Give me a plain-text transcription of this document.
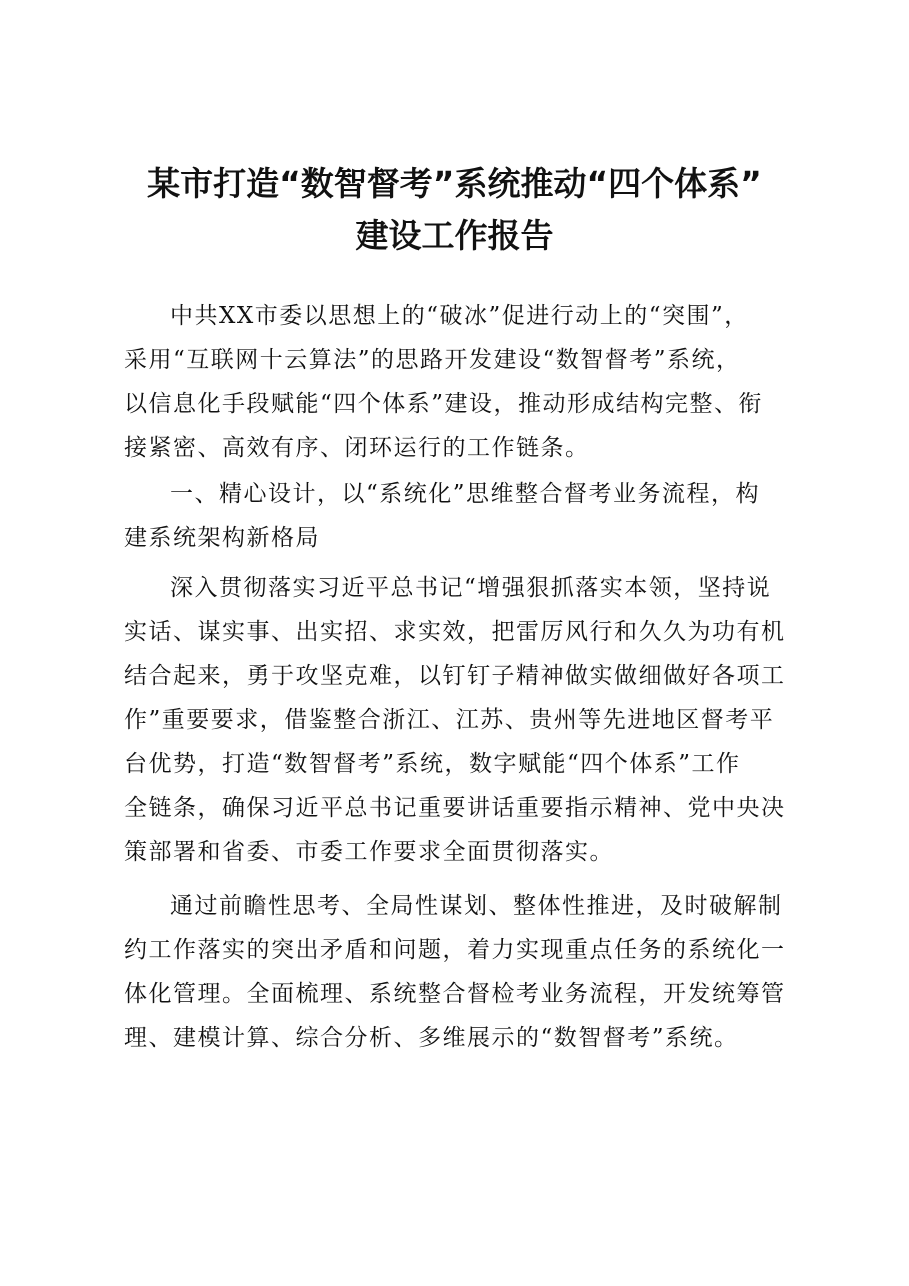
某市打造“数智督考”系统推动“四个体系”
建设工作报告
中共XX市委以思想上的“破冰”促进行动上的“突围”，
采用“互联网十云算法”的思路开发建设“数智督考”系统，
以信息化手段赋能“四个体系”建设，推动形成结构完整、衔
接紧密、高效有序、闭环运行的工作链条。
一、精心设计，以“系统化”思维整合督考业务流程，构
建系统架构新格局
深入贯彻落实习近平总书记“增强狠抓落实本领，坚持说
实话、谋实事、出实招、求实效，把雷厉风行和久久为功有机
结合起来，勇于攻坚克难，以钉钉子精神做实做细做好各项工
作”重要要求，借鉴整合浙江、江苏、贵州等先进地区督考平
台优势，打造“数智督考”系统，数字赋能“四个体系”工作
全链条，确保习近平总书记重要讲话重要指示精神、党中央决
策部署和省委、市委工作要求全面贯彻落实。
通过前瞻性思考、全局性谋划、整体性推进，及时破解制
约工作落实的突出矛盾和问题，着力实现重点任务的系统化一
体化管理。全面梳理、系统整合督检考业务流程，开发统筹管
理、建模计算、综合分析、多维展示的“数智督考”系统。
